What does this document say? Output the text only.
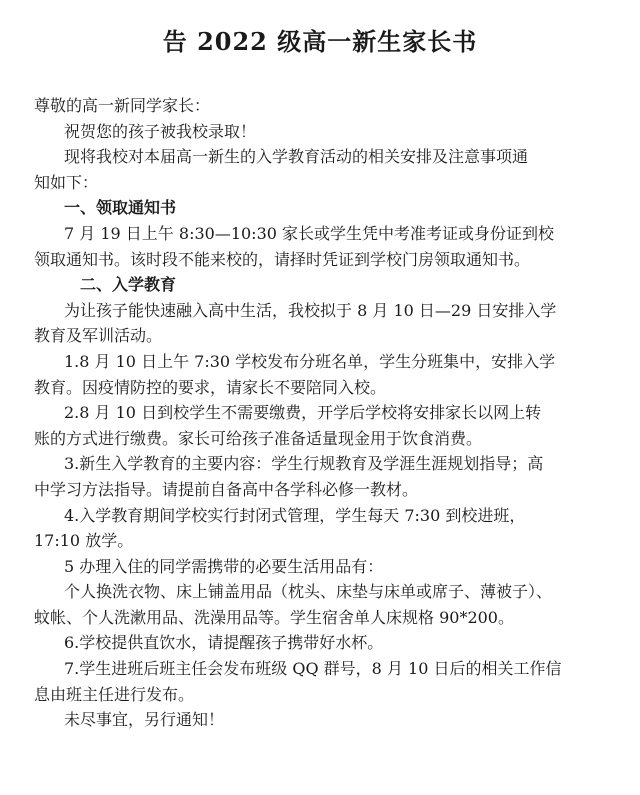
告 2022 级高一新生家长书

尊敬的高一新同学家长：

祝贺您的孩子被我校录取！

现将我校对本届高一新生的入学教育活动的相关安排及注意事项通

知如下：

一、领取通知书

7 月 19 日上午 8:30—10:30 家长或学生凭中考准考证或身份证到校

领取通知书。该时段不能来校的，请择时凭证到学校门房领取通知书。

二、入学教育

为让孩子能快速融入高中生活，我校拟于 8 月 10 日—29 日安排入学

教育及军训活动。

1.8 月 10 日上午 7:30 学校发布分班名单，学生分班集中，安排入学

教育。因疫情防控的要求，请家长不要陪同入校。

2.8 月 10 日到校学生不需要缴费，开学后学校将安排家长以网上转

账的方式进行缴费。家长可给孩子准备适量现金用于饮食消费。

3.新生入学教育的主要内容：学生行规教育及学涯生涯规划指导；高

中学习方法指导。请提前自备高中各学科必修一教材。

4.入学教育期间学校实行封闭式管理，学生每天 7:30 到校进班，

17:10 放学。

5 办理入住的同学需携带的必要生活用品有：

个人换洗衣物、床上铺盖用品（枕头、床垫与床单或席子、薄被子）、

蚊帐、个人洗漱用品、洗澡用品等。学生宿舍单人床规格 90*200。

6.学校提供直饮水，请提醒孩子携带好水杯。

7.学生进班后班主任会发布班级 QQ 群号，8 月 10 日后的相关工作信

息由班主任进行发布。

未尽事宜，另行通知！
